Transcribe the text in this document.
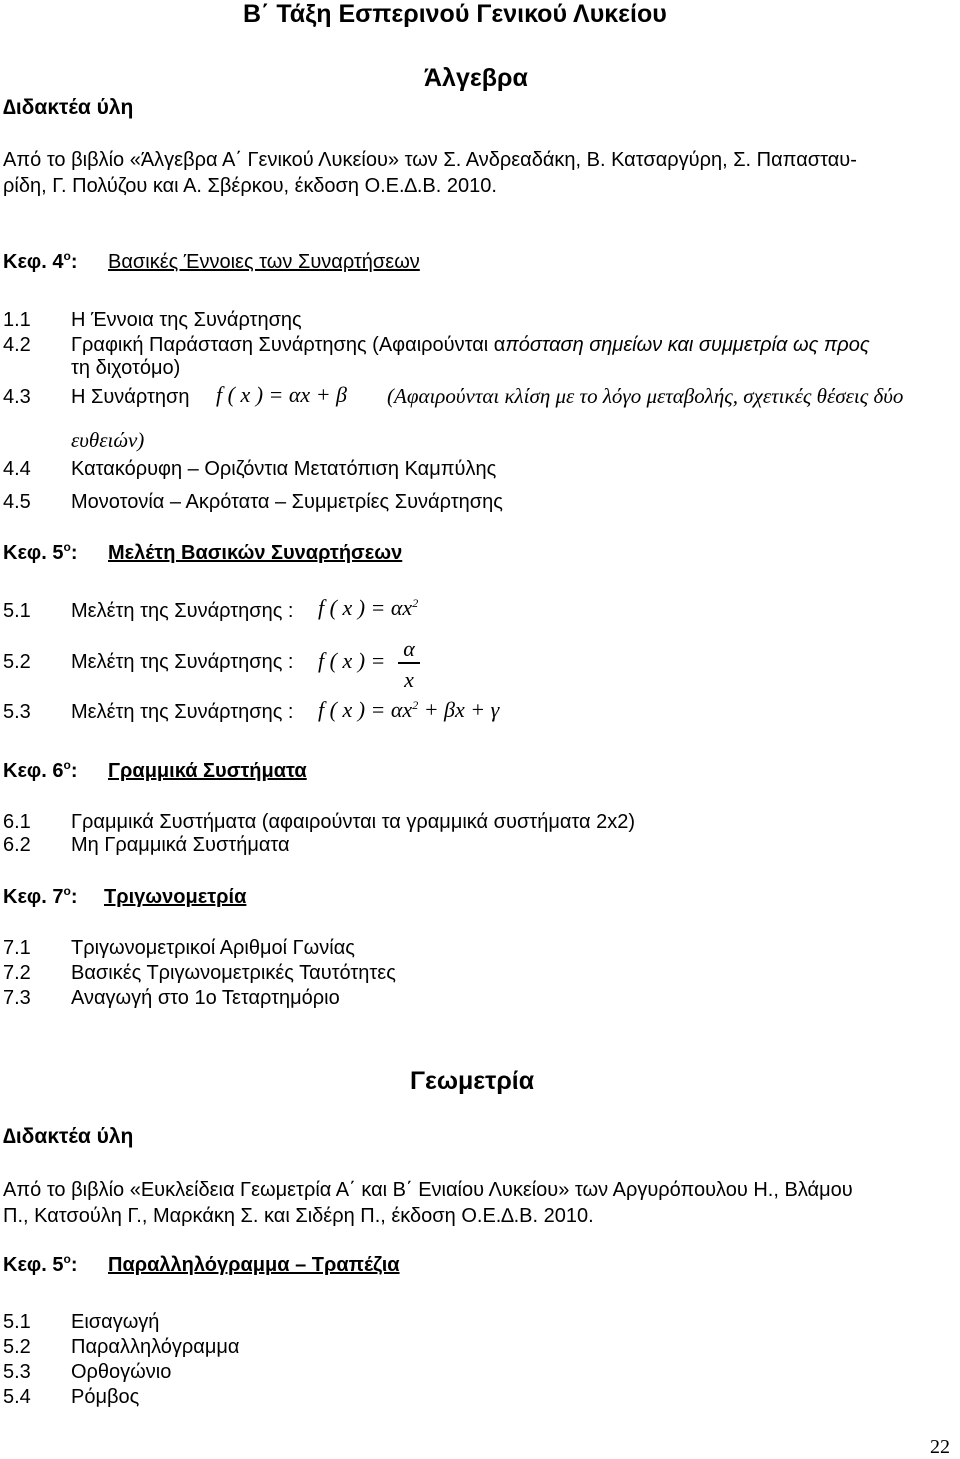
Β΄ Τάξη Εσπερινού Γενικού Λυκείου
Άλγεβρα
∆ιδακτέα ύλη
Από το βιβλίο «Άλγεβρα Α΄ Γενικού Λυκείου» των Σ. Ανδρεαδάκη, Β. Κατσαργύρη, Σ. Παπασταυ-
ρίδη, Γ. Πολύζου και Α. Σβέρκου, έκδοση Ο.Ε.∆.Β. 2010.
Κεφ. $4^o$: Βασικές Έννοιες των Συναρτήσεων
1.1 Η Έννοια της Συνάρτησης
4.2 Γραφική Παράσταση Συνάρτησης (Αφαιρούνται απόσταση σημείων και συμμετρία ως προς
τη διχοτόμο)
4.3 Η Συνάρτηση f ( x ) = αx + β (Αφαιρούνται κλίση με το λόγο μεταβολής, σχετικές θέσεις δύο
ευθειών)
4.4 Κατακόρυφη – Οριζόντια Μετατόπιση Καμπύλης
4.5 Μονοτονία – Ακρότατα – Συμμετρίες Συνάρτησης
Κεφ. $5^o$: Μελέτη Βασικών Συναρτήσεων
5.1 Μελέτη της Συνάρτησης : f ( x ) = $\alpha x^2$
5.2 Μελέτη της Συνάρτησης : f ( x ) = α
x
5.3 Μελέτη της Συνάρτησης : f ( x ) = $\alpha x^2 + \beta x + \gamma$
Κεφ. $6^o$: Γραμμικά Συστήματα
6.1 Γραμμικά Συστήματα (αφαιρούνται τα γραμμικά συστήματα 2x2)
6.2 Μη Γραμμικά Συστήματα
Κεφ. $7^o$: Τριγωνομετρία
7.1 Τριγωνομετρικοί Αριθμοί Γωνίας
7.2 Βασικές Τριγωνομετρικές Ταυτότητες
7.3 Αναγωγή στο 1ο Τεταρτημόριο
Γεωμετρία
∆ιδακτέα ύλη
Από το βιβλίο «Ευκλείδεια Γεωμετρία Α΄ και Β΄ Ενιαίου Λυκείου» των Αργυρόπουλου Η., Βλάμου
Π., Κατσούλη Γ., Μαρκάκη Σ. και Σιδέρη Π., έκδοση Ο.Ε.∆.Β. 2010.
Κεφ. $5^o$: Παραλληλόγραμμα – Τραπέζια
5.1 Εισαγωγή
5.2 Παραλληλόγραμμα
5.3 Ορθογώνιο
5.4 Ρόμβος
22
